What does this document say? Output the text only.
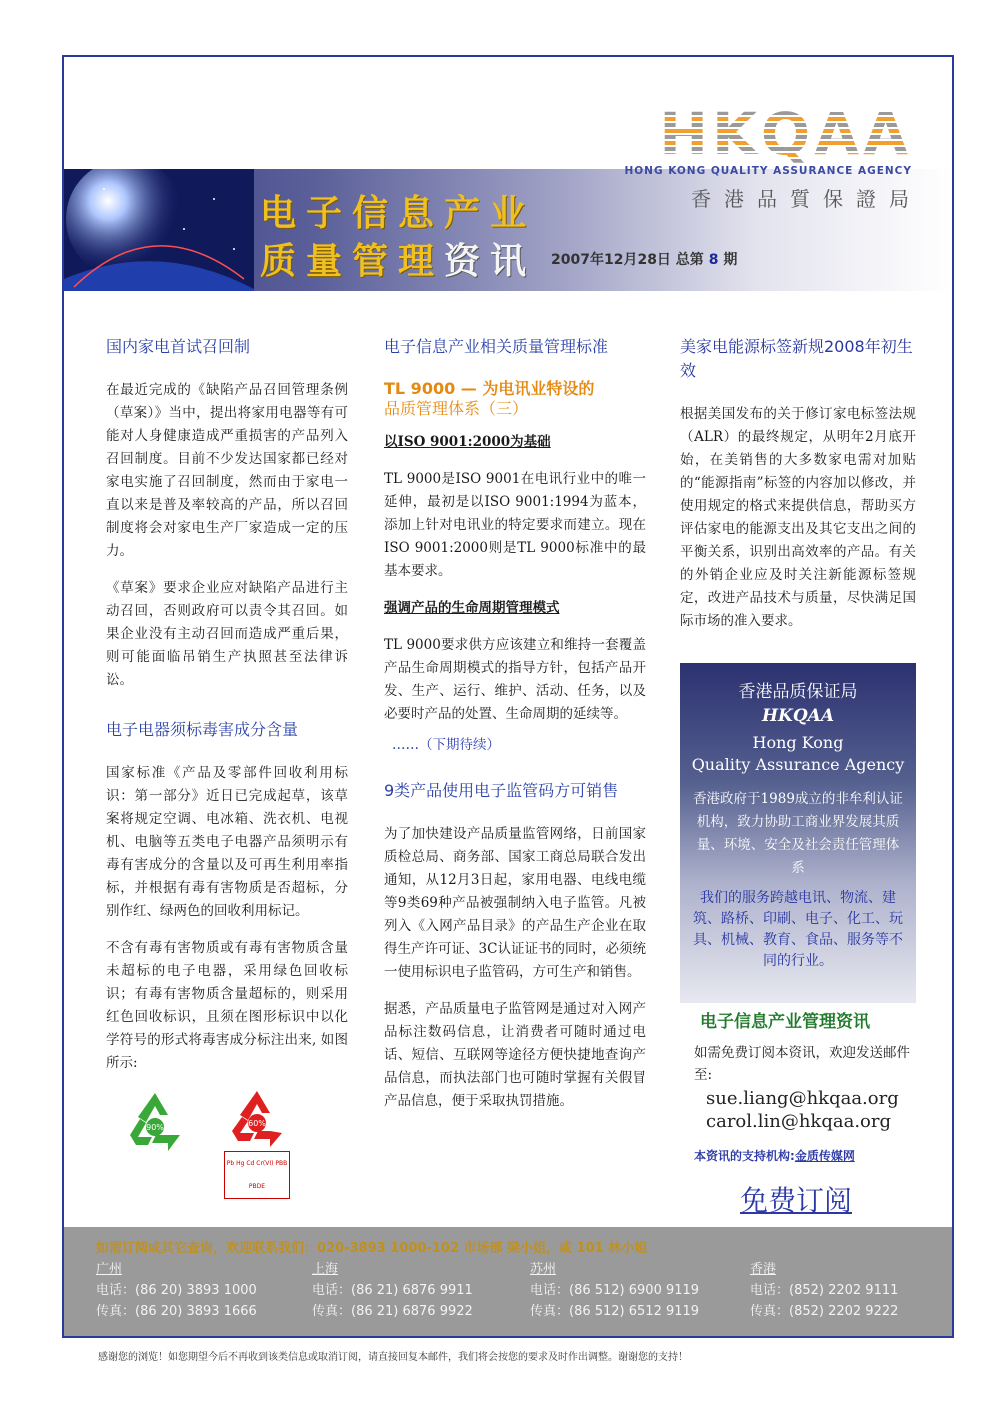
HKQAA
HONG KONG QUALITY ASSURANCE AGENCY
香港品質保證局
电子信息产业
质量管理资讯 2007年12月28日 总第 8 期
国内家电首试召回制

在最近完成的《缺陷产品召回管理条例（草案）》当中，提出将家用电器等有可能对人身健康造成严重损害的产品列入召回制度。目前不少发达国家都已经对家电实施了召回制度，然而由于家电一直以来是普及率较高的产品，所以召回制度将会对家电生产厂家造成一定的压力。

《草案》要求企业应对缺陷产品进行主动召回，否则政府可以责令其召回。如果企业没有主动召回而造成严重后果，则可能面临吊销生产执照甚至法律诉讼。

电子电器须标毒害成分含量

国家标准《产品及零部件回收利用标识：第一部分》近日已完成起草，该草案将规定空调、电冰箱、洗衣机、电视机、电脑等五类电子电器产品须明示有毒有害成分的含量以及可再生利用率指标，并根据有毒有害物质是否超标，分别作红、绿两色的回收利用标记。

不含有毒有害物质或有毒有害物质含量未超标的电子电器，采用绿色回收标识；有毒有害物质含量超标的，则采用红色回收标识，且须在图形标识中以化学符号的形式将毒害成分标注出来, 如图所示:

90%	60%
Pb Hg Cd Cr(VI) PBB PBDE
电子信息产业相关质量管理标准
TL 9000 — 为电讯业特设的
品质管理体系（三）
以ISO 9001:2000为基础

TL 9000是ISO 9001在电讯行业中的唯一延伸，最初是以ISO 9001:1994为蓝本，添加上针对电讯业的特定要求而建立。现在ISO 9001:2000则是TL 9000标准中的最基本要求。

强调产品的生命周期管理模式

TL 9000要求供方应该建立和维持一套覆盖产品生命周期模式的指导方针，包括产品开发、生产、运行、维护、活动、任务，以及必要时产品的处置、生命周期的延续等。

……（下期待续）
9类产品使用电子监管码方可销售

为了加快建设产品质量监管网络，日前国家质检总局、商务部、国家工商总局联合发出通知，从12月3日起，家用电器、电线电缆等9类69种产品被强制纳入电子监管。凡被列入《入网产品目录》的产品生产企业在取得生产许可证、3C认证证书的同时，必须统一使用标识电子监管码，方可生产和销售。

据悉，产品质量电子监管网是通过对入网产品标注数码信息，让消费者可随时通过电话、短信、互联网等途径方便快捷地查询产品信息，而执法部门也可随时掌握有关假冒产品信息，便于采取执罚措施。

美家电能源标签新规2008年初生效

根据美国发布的关于修订家电标签法规（ALR）的最终规定，从明年2月底开始，在美销售的大多数家电需对加贴的“能源指南”标签的内容加以修改，并使用规定的格式来提供信息，帮助买方评估家电的能源支出及其它支出之间的平衡关系，识别出高效率的产品。有关的外销企业应及时关注新能源标签规定，改进产品技术与质量，尽快满足国际市场的准入要求。

香港品质保证局
HKQAA
Hong Kong
Quality Assurance Agency
香港政府于1989成立的非牟利认证机构，致力协助工商业界发展其质量、环境、安全及社会责任管理体系
我们的服务跨越电讯、物流、建筑、路桥、印刷、电子、化工、玩具、机械、教育、食品、服务等不同的行业。
电子信息产业管理资讯
如需免费订阅本资讯，欢迎发送邮件至:
sue.liang@hkqaa.org
carol.lin@hkqaa.org
本资讯的支持机构:金质传媒网
免费订阅
如需订阅或其它查询，欢迎联系我们：020-3893 1000-102 市场部 梁小姐，或 101 林小姐
广州
电话：(86 20) 3893 1000
传真：(86 20) 3893 1666
上海
电话：(86 21) 6876 9911
传真：(86 21) 6876 9922
苏州
电话：(86 512) 6900 9119
传真：(86 512) 6512 9119
香港
电话：(852) 2202 9111
传真：(852) 2202 9222
感谢您的浏览！如您期望今后不再收到该类信息或取消订阅，请直接回复本邮件，我们将会按您的要求及时作出调整。谢谢您的支持！
